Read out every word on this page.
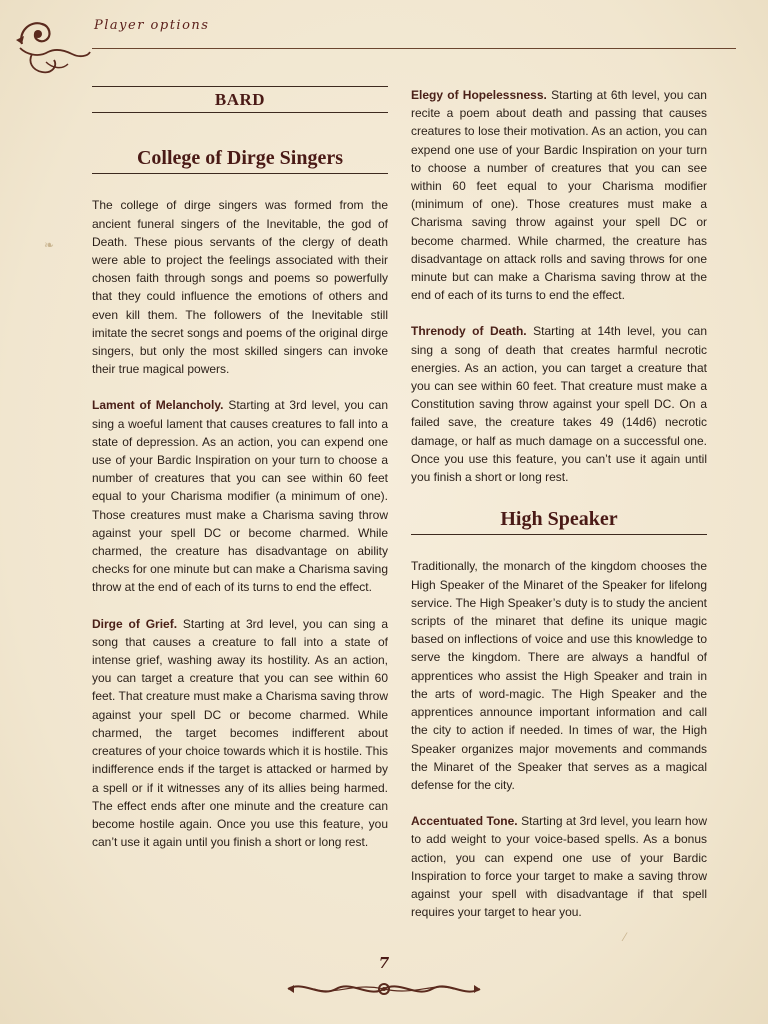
Player options
❧
⁄
BARD
College of Dirge Singers

The college of dirge singers was formed from the ancient funeral singers of the Inevitable, the god of Death. These pious servants of the clergy of death were able to project the feelings associated with their chosen faith through songs and poems so powerfully that they could influence the emotions of others and even kill them. The followers of the Inevitable still imitate the secret songs and poems of the original dirge singers, but only the most skilled singers can invoke their true magical powers.

Lament of Melancholy. Starting at 3rd level, you can sing a woeful lament that causes creatures to fall into a state of depression. As an action, you can expend one use of your Bardic Inspiration on your turn to choose a number of creatures that you can see within 60 feet equal to your Charisma modifier (a minimum of one). Those creatures must make a Charisma saving throw against your spell DC or become charmed. While charmed, the creature has disadvantage on ability checks for one minute but can make a Charisma saving throw at the end of each of its turns to end the effect.

Dirge of Grief. Starting at 3rd level, you can sing a song that causes a creature to fall into a state of intense grief, washing away its hostility. As an action, you can target a creature that you can see within 60 feet. That creature must make a Charisma saving throw against your spell DC or become charmed. While charmed, the target becomes indifferent about creatures of your choice towards which it is hostile. This indifference ends if the target is attacked or harmed by a spell or if it witnesses any of its allies being harmed. The effect ends after one minute and the creature can become hostile again. Once you use this feature, you can’t use it again until you finish a short or long rest.

Elegy of Hopelessness. Starting at 6th level, you can recite a poem about death and passing that causes creatures to lose their motivation. As an action, you can expend one use of your Bardic Inspiration on your turn to choose a number of creatures that you can see within 60 feet equal to your Charisma modifier (minimum of one). Those creatures must make a Charisma saving throw against your spell DC or become charmed. While charmed, the creature has disadvantage on attack rolls and saving throws for one minute but can make a Charisma saving throw at the end of each of its turns to end the effect.

Threnody of Death. Starting at 14th level, you can sing a song of death that creates harmful necrotic energies. As an action, you can target a creature that you can see within 60 feet. That creature must make a Constitution saving throw against your spell DC. On a failed save, the creature takes 49 (14d6) necrotic damage, or half as much damage on a successful one. Once you use this feature, you can’t use it again until you finish a short or long rest.

High Speaker

Traditionally, the monarch of the kingdom chooses the High Speaker of the Minaret of the Speaker for lifelong service. The High Speaker’s duty is to study the ancient scripts of the minaret that define its unique magic based on inflections of voice and use this knowledge to serve the kingdom. There are always a handful of apprentices who assist the High Speaker and train in the arts of word-magic. The High Speaker and the apprentices announce important information and call the city to action if needed. In times of war, the High Speaker organizes major movements and commands the Minaret of the Speaker that serves as a magical defense for the city.

Accentuated Tone. Starting at 3rd level, you learn how to add weight to your voice-based spells. As a bonus action, you can expend one use of your Bardic Inspiration to force your target to make a saving throw against your spell with disadvantage if that spell requires your target to hear you.

7
